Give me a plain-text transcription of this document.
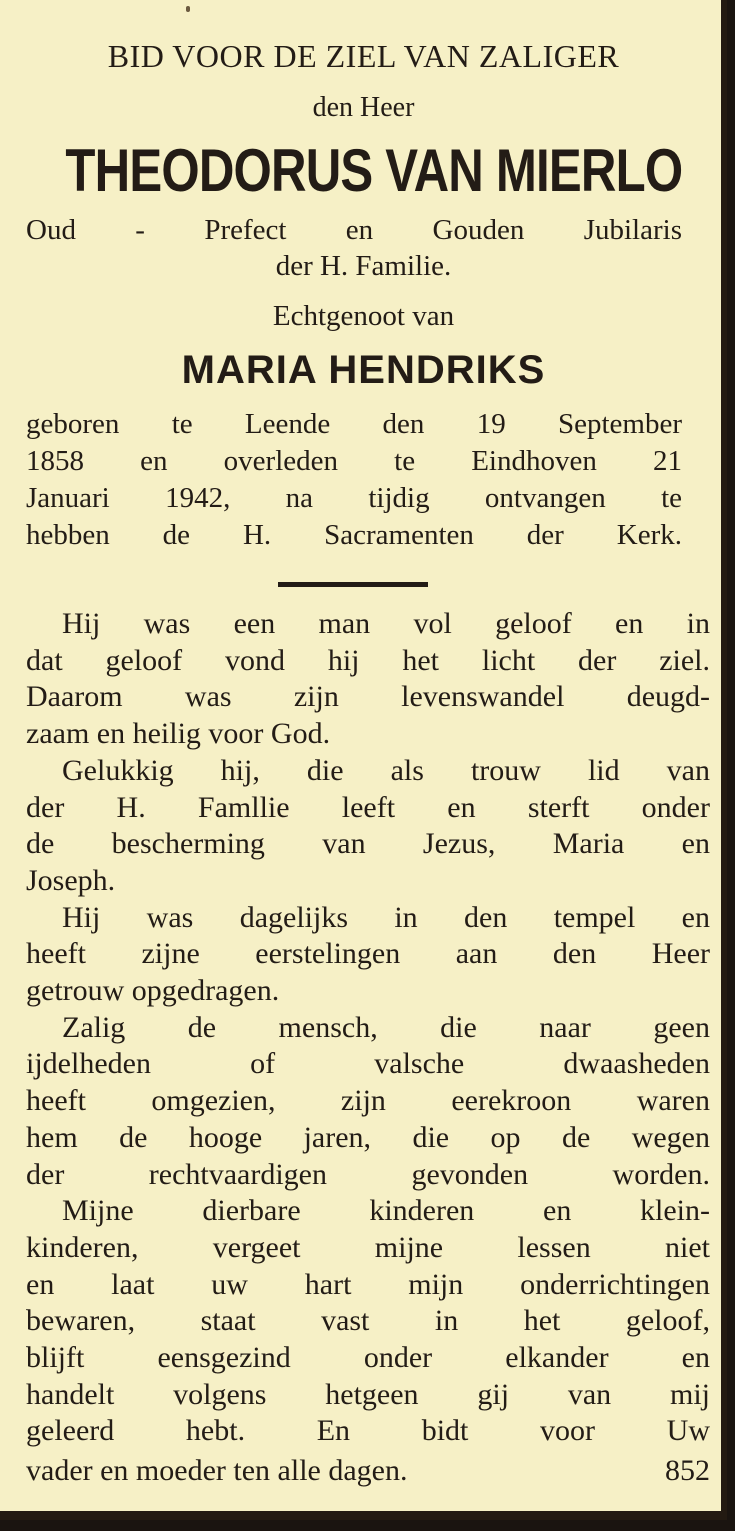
BID VOOR DE ZIEL VAN ZALIGER

den Heer

THEODORUS VAN MIERLO

Oud - Prefect en Gouden Jubilaris

der H. Familie.

Echtgenoot van

MARIA HENDRIKS

geboren te Leende den 19 September

1858 en overleden te Eindhoven 21

Januari 1942, na tijdig ontvangen te

hebben de H. Sacramenten der Kerk.

Hij was een man vol geloof en in

dat geloof vond hij het licht der ziel.

Daarom was zijn levenswandel deugd-

zaam en heilig voor God.

Gelukkig hij, die als trouw lid van

der H. Famllie leeft en sterft onder

de bescherming van Jezus, Maria en

Joseph.

Hij was dagelijks in den tempel en

heeft zijne eerstelingen aan den Heer

getrouw opgedragen.

Zalig de mensch, die naar geen

ijdelheden of valsche dwaasheden

heeft omgezien, zijn eerekroon waren

hem de hooge jaren, die op de wegen

der rechtvaardigen gevonden worden.

Mijne dierbare kinderen en klein-

kinderen, vergeet mijne lessen niet

en laat uw hart mijn onderrichtingen

bewaren, staat vast in het geloof,

blijft eensgezind onder elkander en

handelt volgens hetgeen gij van mij

geleerd hebt. En bidt voor Uw

vader en moeder ten alle dagen.	852
